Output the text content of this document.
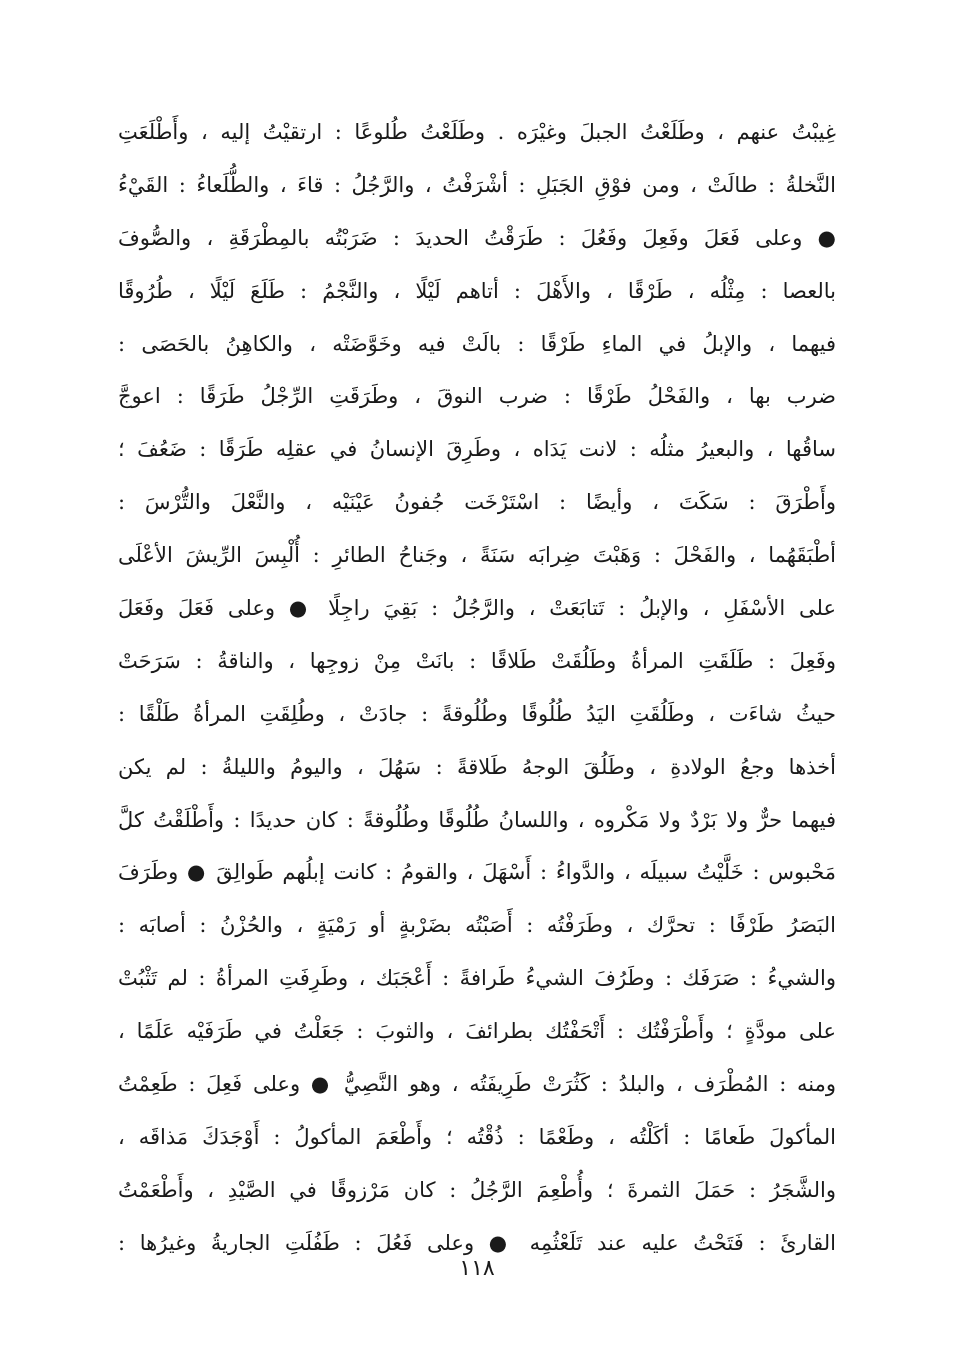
غِيبْتُ عنهم ، وطَلَعْتُ الجبلَ وغيْرَه . وطَلَعْتُ طُلوعًا : ارتقيْتُ إليه ، وأَطْلَعَتِ
النَّخلةُ : طالَتْ ، ومن فوْقِ الجَبَلِ : أشْرَفْتُ ، والرَّجُلُ : قاءَ ، والطُّلَعاءُ : القَيْءُ
● وعلى فَعَلَ وفَعِلَ وفَعُلَ : طَرَقْتُ الحديدَ : ضَرَبْتُه بالمِطْرَقَةِ ، والصُّوفَ
بالعصا : مِثْلُه ، طَرْقًا ، والأَهْلَ : أتاهم لَيْلًا ، والنَّجْمُ : طَلَعَ لَيْلًا ، طُرُوقًا
فيهما ، والإبلُ في الماءِ طَرْقًا : بالَتْ فيه وخَوَّضَتْه ، والكاهِنُ بالحَصَى :
ضرب بها ، والفَحْلُ طَرْقًا : ضرب النوقَ ، وطَرَقَتِ الرِّجْلُ طَرَقًا : اعوجَّ
ساقُها ، والبعيرُ مثلُه : لانت يَدَاه ، وطَرِقَ الإنسانُ في عقلِه طَرَقًا : ضَعُفَ ؛
وأَطْرَقَ : سَكَتَ ، وأيضًا : اسْتَرْخَت جُفونُ عَيْنَيْه ، والنَّعْلَ والتُّرْسَ :
أطْبَقَهُما ، والفَحْلَ : وَهَبْتَ ضِرابَه سَنَةً ، وجَناحُ الطائرِ : أُلْبِسَ الرِّيشَ الأعْلَى
على الأسْفَلِ ، والإبلُ : تَتابَعَتْ ، والرَّجُلُ : بَقِيَ راجِلًا ● وعلى فَعَلَ وفَعَلَ
وفَعِلَ : طَلَقَتِ المرأةُ وطَلُقَتْ طَلاقًا : بانَتْ مِنْ زوجِها ، والناقةُ : سَرَحَتْ
حيثُ شاءَت ، وطَلُقَتِ اليَدُ طُلُوقًا وطُلُوقةً : جادَتْ ، وطُلِقَتِ المرأةُ طَلْقًا :
أخذها وجعُ الولادةِ ، وطَلُقَ الوجهُ طَلاقةً : سَهُلَ ، واليومُ والليلةُ : لم يكن
فيهما حرٌّ ولا بَرْدٌ ولا مَكْروه ، واللسانُ طُلُوقًا وطُلُوقةً : كان حديدًا : وأَطْلَقْتُ كلَّ
مَحْبوس : خَلَّيْتُ سبيلَه ، والدَّواءُ : أَسْهَلَ ، والقومُ : كانت إبلُهم طَوالِقَ ● وطَرَفَ
البَصَرُ طَرْفًا : تحرَّك ، وطَرَفْتُه : أَصَبْتُه بضَرْبةٍ أو رَمْيَةٍ ، والحُزْنُ : أصابَه :
والشيءُ : صَرَفَك : وطَرُفَ الشيءُ طَرافةً : أَعْجَبَك ، وطَرِفَتِ المرأةُ : لم تَثْبُتْ
على مودَّةٍ ؛ وأَطْرَفْتُك : أَتْحَفْتُك بطرائفَ ، والثوبَ : جَعَلْتُ في طَرَفَيْه عَلَمًا ،
ومنه : المُطْرَف ، والبلدُ : كَثُرَتْ طَرِيفَتُه ، وهو النَّصِيُّ ● وعلى فَعِلَ : طَعِمْتُ
المأكولَ طَعامًا : أكَلْتُه ، وطَعْمًا : ذُقْتُه ؛ وأَطْعَمَ المأكولُ : أَوْجَدَكَ مَذاقَه ،
والشَّجَرُ : حَمَلَ الثمرةَ ؛ وأُطْعِمَ الرَّجُلُ : كان مَرْزوقًا في الصَّيْدِ ، وأَطْعَمْتُ
القارئَ : فَتَحْتُ عليه عند تَلَعْثُمِه ● وعلى فَعُلَ : طَفُلَتِ الجاريةُ وغيرُها :
١١٨
